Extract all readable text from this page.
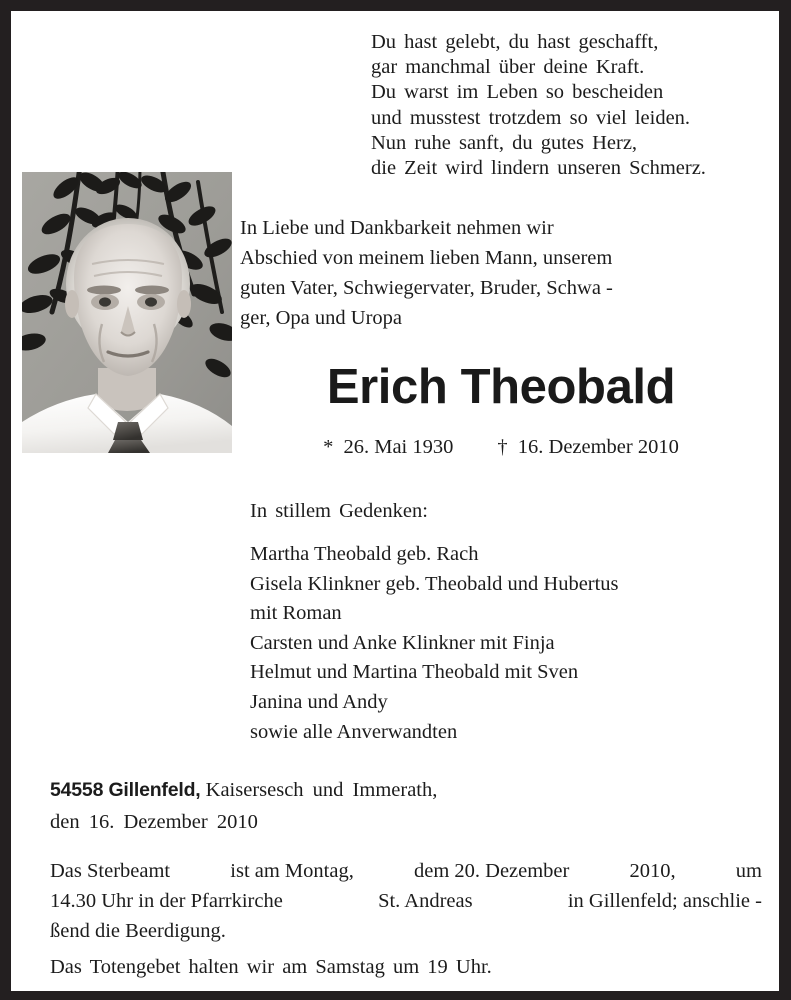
Du hast gelebt, du hast geschafft,
gar manchmal über deine Kraft.
Du warst im Leben so bescheiden
und musstest trotzdem so viel leiden.
Nun ruhe sanft, du gutes Herz,
die Zeit wird lindern unseren Schmerz.
In Liebe und Dankbarkeit nehmen wir
Abschied von meinem lieben Mann, unserem
guten Vater, Schwiegervater, Bruder, Schwa -
ger, Opa und Uropa
Erich Theobald
* 26. Mai 1930 † 16. Dezember 2010
In stillem Gedenken:
Martha Theobald geb. Rach
Gisela Klinkner geb. Theobald und Hubertus
mit Roman
Carsten und Anke Klinkner mit Finja
Helmut und Martina Theobald mit Sven
Janina und Andy
sowie alle Anverwandten
54558 Gillenfeld, Kaisersesch und Immerath,
den 16. Dezember 2010
Das Sterbeamt	ist am Montag,	dem 20. Dezember	2010,	um
14.30 Uhr in der Pfarrkirche	St. Andreas	in Gillenfeld; anschlie -
ßend die Beerdigung.
Das Totengebet halten wir am Samstag um 19 Uhr.
